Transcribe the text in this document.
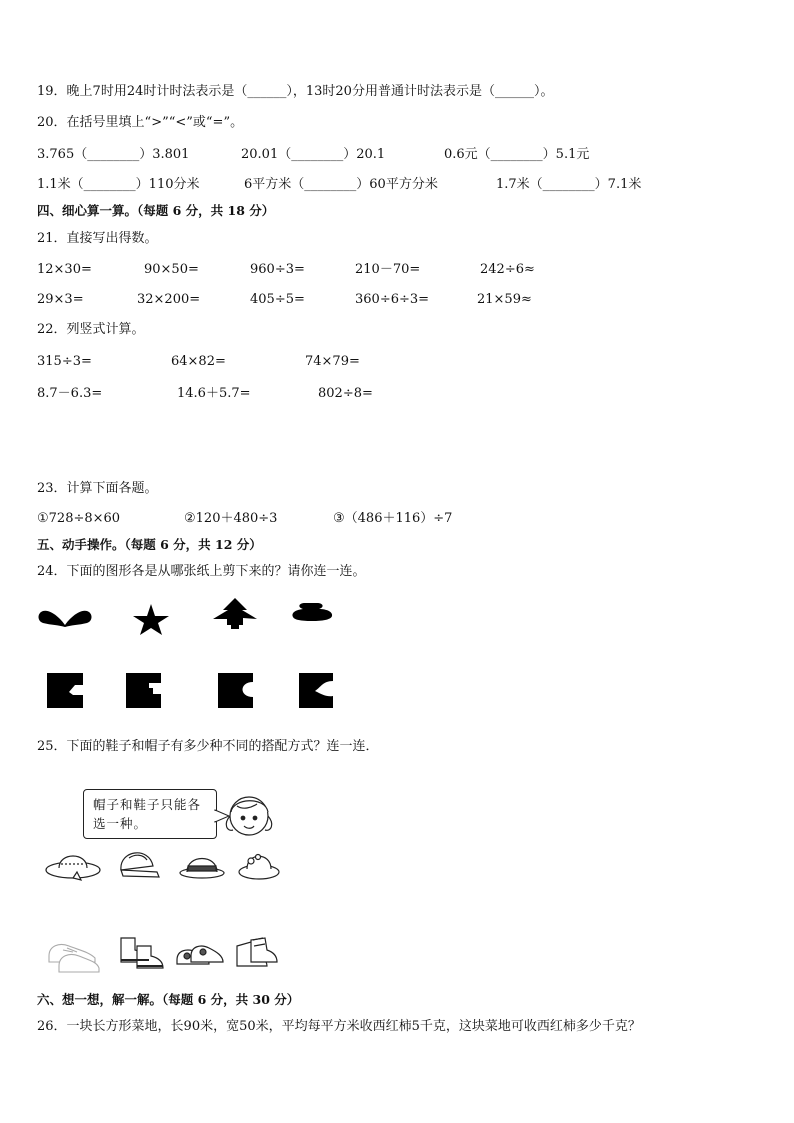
19．晚上7时用24时计时法表示是（______），13时20分用普通计时法表示是（______）。
20．在括号里填上“>”“<”或“=”。
3.765（________）3.801	20.01（________）20.1	0.6元（________）5.1元
1.1米（________）110分米	6平方米（________）60平方分米	1.7米（________）7.1米
四、细心算一算。（每题 6 分，共 18 分）
21．直接写出得数。
12×30=	90×50=	960÷3=	210－70=	242÷6≈
29×3=	32×200=	405÷5=	360÷6÷3=	21×59≈
22．列竖式计算。
315÷3=	64×82=	74×79=
8.7－6.3=	14.6＋5.7=	802÷8=
23．计算下面各题。
①728÷8×60	②120＋480÷3	③（486＋116）÷7
五、动手操作。（每题 6 分，共 12 分）
24．下面的图形各是从哪张纸上剪下来的？请你连一连。
25．下面的鞋子和帽子有多少种不同的搭配方式？连一连．
帽子和鞋子只能各选一种。
六、想一想，解一解。（每题 6 分，共 30 分）
26．一块长方形菜地，长90米，宽50米，平均每平方米收西红柿5千克，这块菜地可收西红柿多少千克？
